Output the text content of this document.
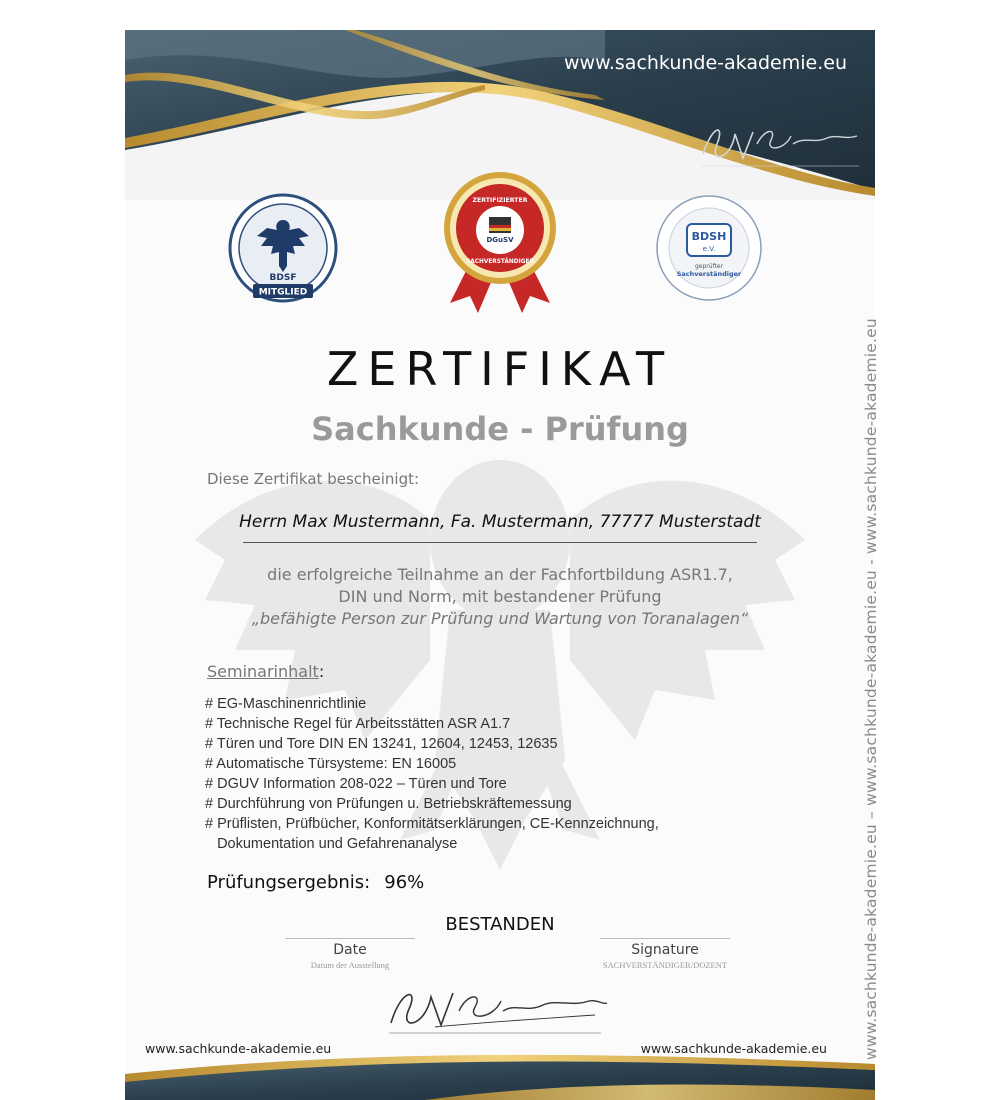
www.sachkunde-akademie.eu
BDSF
MITGLIED
DGuSV
ZERTIFIZIERTER
SACHVERSTÄNDIGER
BDSH
e.V.
geprüfter
Sachverständiger
ZERTIFIKAT
Sachkunde - Prüfung
Diese Zertifikat bescheinigt:
Herrn Max Mustermann, Fa. Mustermann, 77777 Musterstadt
die erfolgreiche Teilnahme an der Fachfortbildung ASR1.7,
DIN und Norm, mit bestandener Prüfung
„befähigte Person zur Prüfung und Wartung von Toranalagen“
Seminarinhalt:
# EG-Maschinenrichtlinie
# Technische Regel für Arbeitsstätten ASR A1.7
# Türen und Tore DIN EN 13241, 12604, 12453, 12635
# Automatische Türsysteme: EN 16005
# DGUV Information 208-022 – Türen und Tore
# Durchführung von Prüfungen u. Betriebskräftemessung
# Prüflisten, Prüfbücher, Konformitätserklärungen, CE-Kennzeichnung,
Dokumentation und Gefahrenanalyse
Prüfungsergebnis: 96%
BESTANDEN
Date
Datum der Ausstellung
Signature
SACHVERSTÄNDIGER/DOZENT
www.sachkunde-akademie.eu	www.sachkunde-akademie.eu www.sachkunde-akademie.eu – www.sachkunde-akademie.eu - www.sachkunde-akademie.eu
